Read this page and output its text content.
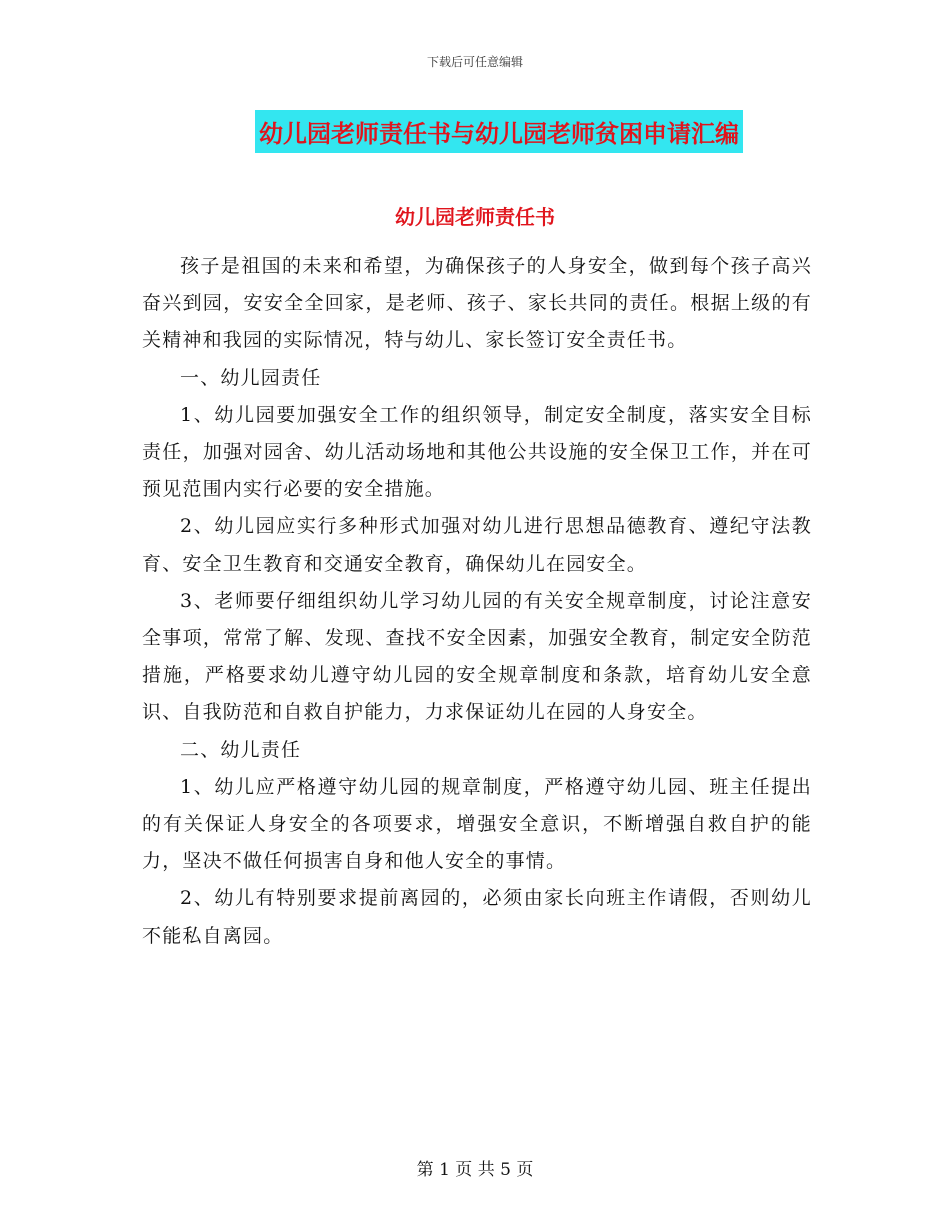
下载后可任意编辑
幼儿园老师责任书与幼儿园老师贫困申请汇编
幼儿园老师责任书

孩子是祖国的未来和希望，为确保孩子的人身安全，做到每个孩子高兴奋兴到园，安安全全回家，是老师、孩子、家长共同的责任。根据上级的有关精神和我园的实际情况，特与幼儿、家长签订安全责任书。

一、幼儿园责任

1、幼儿园要加强安全工作的组织领导，制定安全制度，落实安全目标责任，加强对园舍、幼儿活动场地和其他公共设施的安全保卫工作，并在可预见范围内实行必要的安全措施。

2、幼儿园应实行多种形式加强对幼儿进行思想品德教育、遵纪守法教育、安全卫生教育和交通安全教育，确保幼儿在园安全。

3、老师要仔细组织幼儿学习幼儿园的有关安全规章制度，讨论注意安全事项，常常了解、发现、查找不安全因素，加强安全教育，制定安全防范措施，严格要求幼儿遵守幼儿园的安全规章制度和条款，培育幼儿安全意识、自我防范和自救自护能力，力求保证幼儿在园的人身安全。

二、幼儿责任

1、幼儿应严格遵守幼儿园的规章制度，严格遵守幼儿园、班主任提出的有关保证人身安全的各项要求，增强安全意识，不断增强自救自护的能力，坚决不做任何损害自身和他人安全的事情。

2、幼儿有特别要求提前离园的，必须由家长向班主作请假，否则幼儿不能私自离园。

第 1 页 共 5 页
